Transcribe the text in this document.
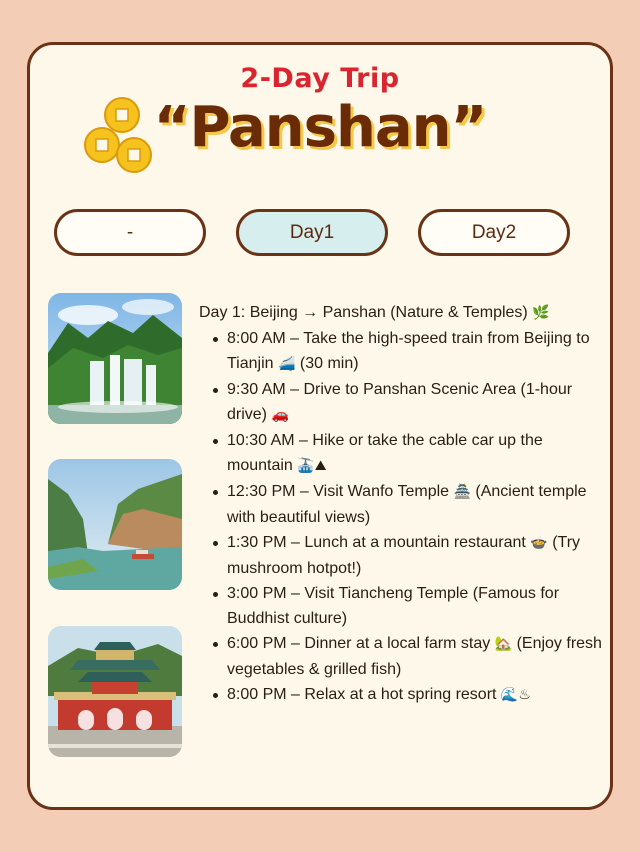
2-Day Trip
“Panshan”
-	Day1	Day2
Day 1: Beijing → Panshan (Nature & Temples) 🌿
8:00 AM – Take the high-speed train from Beijing to Tianjin 🚄 (30 min)
9:30 AM – Drive to Panshan Scenic Area (1-hour drive) 🚗
10:30 AM – Hike or take the cable car up the mountain 🚠⛰
12:30 PM – Visit Wanfo Temple 🏯 (Ancient temple with beautiful views)
1:30 PM – Lunch at a mountain restaurant 🍲 (Try mushroom hotpot!)
3:00 PM – Visit Tiancheng Temple (Famous for Buddhist culture)
6:00 PM – Dinner at a local farm stay 🏡 (Enjoy fresh vegetables & grilled fish)
8:00 PM – Relax at a hot spring resort 🌊♨
